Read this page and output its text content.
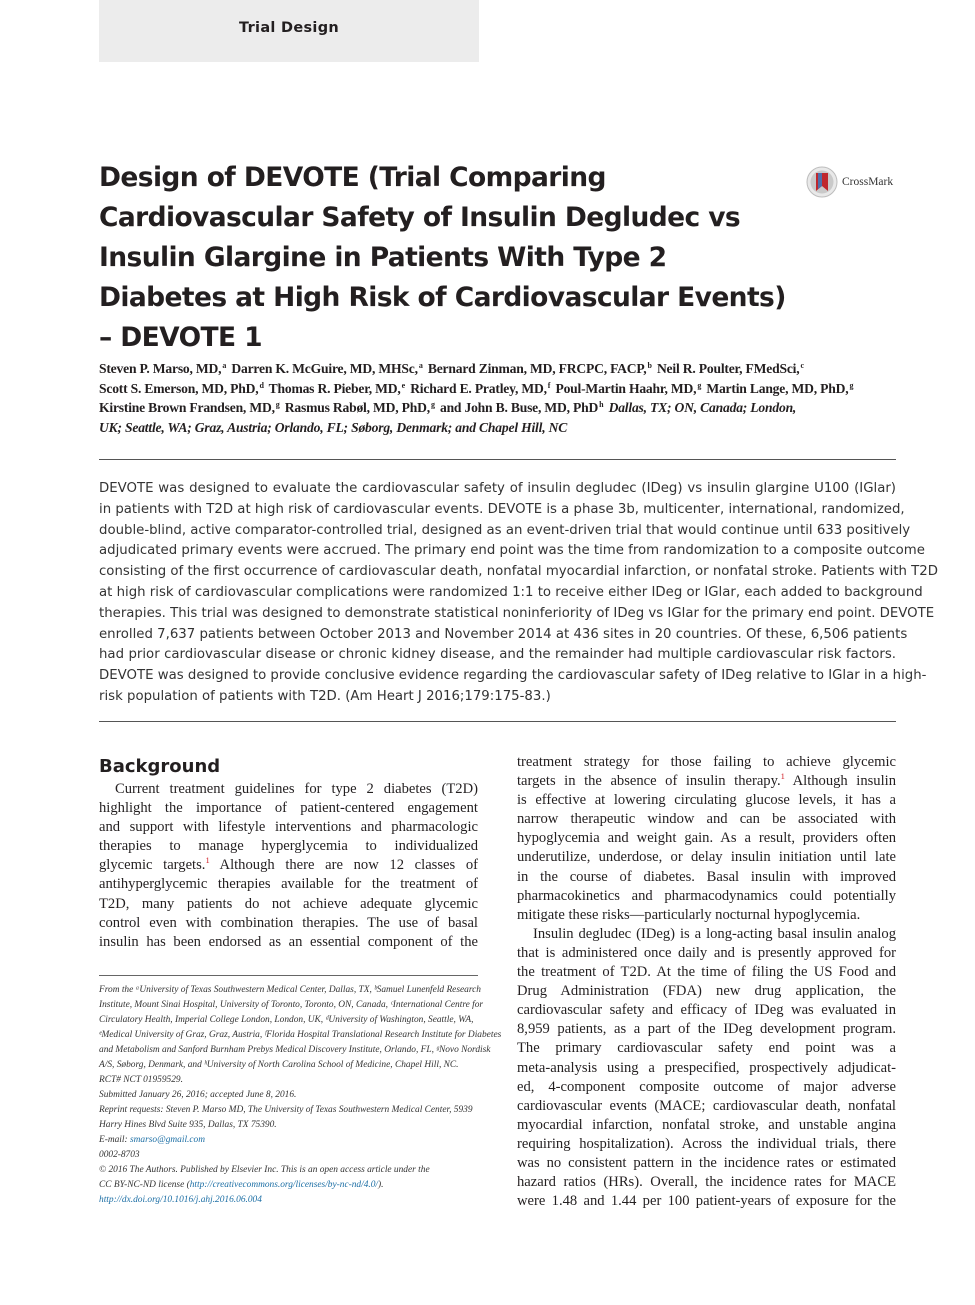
Trial Design
Design of DEVOTE (Trial Comparing
Cardiovascular Safety of Insulin Degludec vs
Insulin Glargine in Patients With Type 2
Diabetes at High Risk of Cardiovascular Events)
– DEVOTE 1
CrossMark
Steven P. Marso, MD,$^a$ Darren K. McGuire, MD, MHSc,$^a$ Bernard Zinman, MD, FRCPC, FACP,$^b$ Neil R. Poulter, FMedSci,$^c$
Scott S. Emerson, MD, PhD,$^d$ Thomas R. Pieber, MD,$^e$ Richard E. Pratley, MD,$^f$ Poul-Martin Haahr, MD,$^g$ Martin Lange, MD, PhD,$^g$
Kirstine Brown Frandsen, MD,$^g$ Rasmus Rabøl, MD, PhD,$^g$ and John B. Buse, MD, PhD$^h$ Dallas, TX; ON, Canada; London,
UK; Seattle, WA; Graz, Austria; Orlando, FL; Søborg, Denmark; and Chapel Hill, NC
DEVOTE was designed to evaluate the cardiovascular safety of insulin degludec (IDeg) vs insulin glargine U100 (IGlar)
in patients with T2D at high risk of cardiovascular events. DEVOTE is a phase 3b, multicenter, international, randomized,
double-blind, active comparator-controlled trial, designed as an event-driven trial that would continue until 633 positively
adjudicated primary events were accrued. The primary end point was the time from randomization to a composite outcome
consisting of the first occurrence of cardiovascular death, nonfatal myocardial infarction, or nonfatal stroke. Patients with T2D
at high risk of cardiovascular complications were randomized 1:1 to receive either IDeg or IGlar, each added to background
therapies. This trial was designed to demonstrate statistical noninferiority of IDeg vs IGlar for the primary end point. DEVOTE
enrolled 7,637 patients between October 2013 and November 2014 at 436 sites in 20 countries. Of these, 6,506 patients
had prior cardiovascular disease or chronic kidney disease, and the remainder had multiple cardiovascular risk factors.
DEVOTE was designed to provide conclusive evidence regarding the cardiovascular safety of IDeg relative to IGlar in a high-
risk population of patients with T2D. (Am Heart J 2016;179:175-83.)
Background
Current treatment guidelines for type 2 diabetes (T2D)
highlight the importance of patient-centered engagement
and support with lifestyle interventions and pharmacologic
therapies to manage hyperglycemia to individualized
glycemic targets.$^1$ Although there are now 12 classes of
antihyperglycemic therapies available for the treatment of
T2D, many patients do not achieve adequate glycemic
control even with combination therapies. The use of basal
insulin has been endorsed as an essential component of the
treatment strategy for those failing to achieve glycemic
targets in the absence of insulin therapy.$^1$ Although insulin
is effective at lowering circulating glucose levels, it has a
narrow therapeutic window and can be associated with
hypoglycemia and weight gain. As a result, providers often
underutilize, underdose, or delay insulin initiation until late
in the course of diabetes. Basal insulin with improved
pharmacokinetics and pharmacodynamics could potentially
mitigate these risks—particularly nocturnal hypoglycemia.
Insulin degludec (IDeg) is a long-acting basal insulin analog
that is administered once daily and is presently approved for
the treatment of T2D. At the time of filing the US Food and
Drug Administration (FDA) new drug application, the
cardiovascular safety and efficacy of IDeg was evaluated in
8,959 patients, as a part of the IDeg development program.
The primary cardiovascular safety end point was a
meta-analysis using a prespecified, prospectively adjudicat-
ed, 4-component composite outcome of major adverse
cardiovascular events (MACE; cardiovascular death, nonfatal
myocardial infarction, nonfatal stroke, and unstable angina
requiring hospitalization). Across the individual trials, there
was no consistent pattern in the incidence rates or estimated
hazard ratios (HRs). Overall, the incidence rates for MACE
were 1.48 and 1.44 per 100 patient-years of exposure for the
From the ᵃUniversity of Texas Southwestern Medical Center, Dallas, TX, ᵇSamuel Lunenfeld Research
Institute, Mount Sinai Hospital, University of Toronto, Toronto, ON, Canada, ᶜInternational Centre for
Circulatory Health, Imperial College London, London, UK, ᵈUniversity of Washington, Seattle, WA,
ᵉMedical University of Graz, Graz, Austria, ᶠFlorida Hospital Translational Research Institute for Diabetes
and Metabolism and Sanford Burnham Prebys Medical Discovery Institute, Orlando, FL, ᵍNovo Nordisk
A/S, Søborg, Denmark, and ʰUniversity of North Carolina School of Medicine, Chapel Hill, NC.
RCT# NCT 01959529.
Submitted January 26, 2016; accepted June 8, 2016.
Reprint requests: Steven P. Marso MD, The University of Texas Southwestern Medical Center, 5939
Harry Hines Blvd Suite 935, Dallas, TX 75390.
E-mail: smarso@gmail.com
0002-8703
© 2016 The Authors. Published by Elsevier Inc. This is an open access article under the
CC BY-NC-ND license (http://creativecommons.org/licenses/by-nc-nd/4.0/).
http://dx.doi.org/10.1016/j.ahj.2016.06.004
